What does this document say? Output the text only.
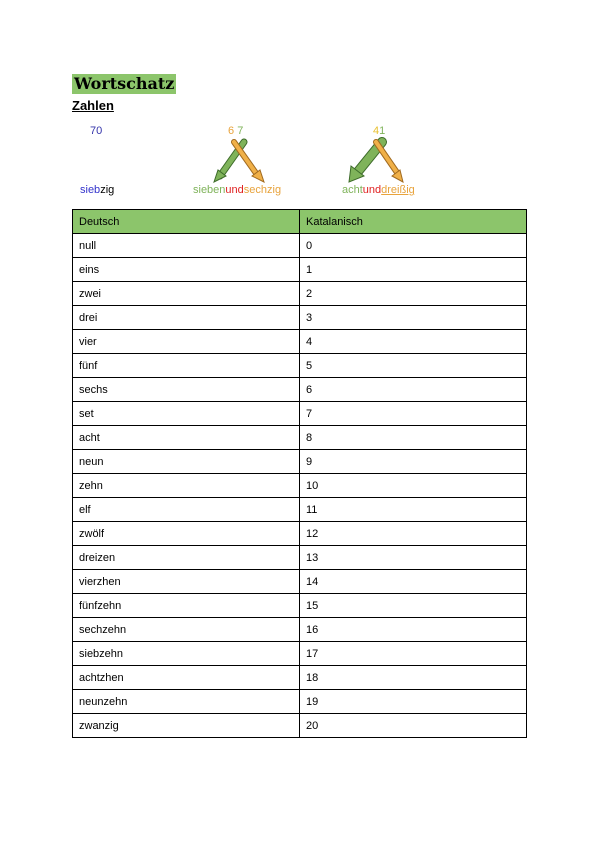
Wortschatz
Zahlen
70
siebzig
6 7
siebenundsechzig
41
achtunddreißig
Deutsch	Katalanisch
null	0
eins	1
zwei	2
drei	3
vier	4
fünf	5
sechs	6
set	7
acht	8
neun	9
zehn	10
elf	11
zwölf	12
dreizen	13
vierzhen	14
fünfzehn	15
sechzehn	16
siebzehn	17
achtzhen	18
neunzehn	19
zwanzig	20
